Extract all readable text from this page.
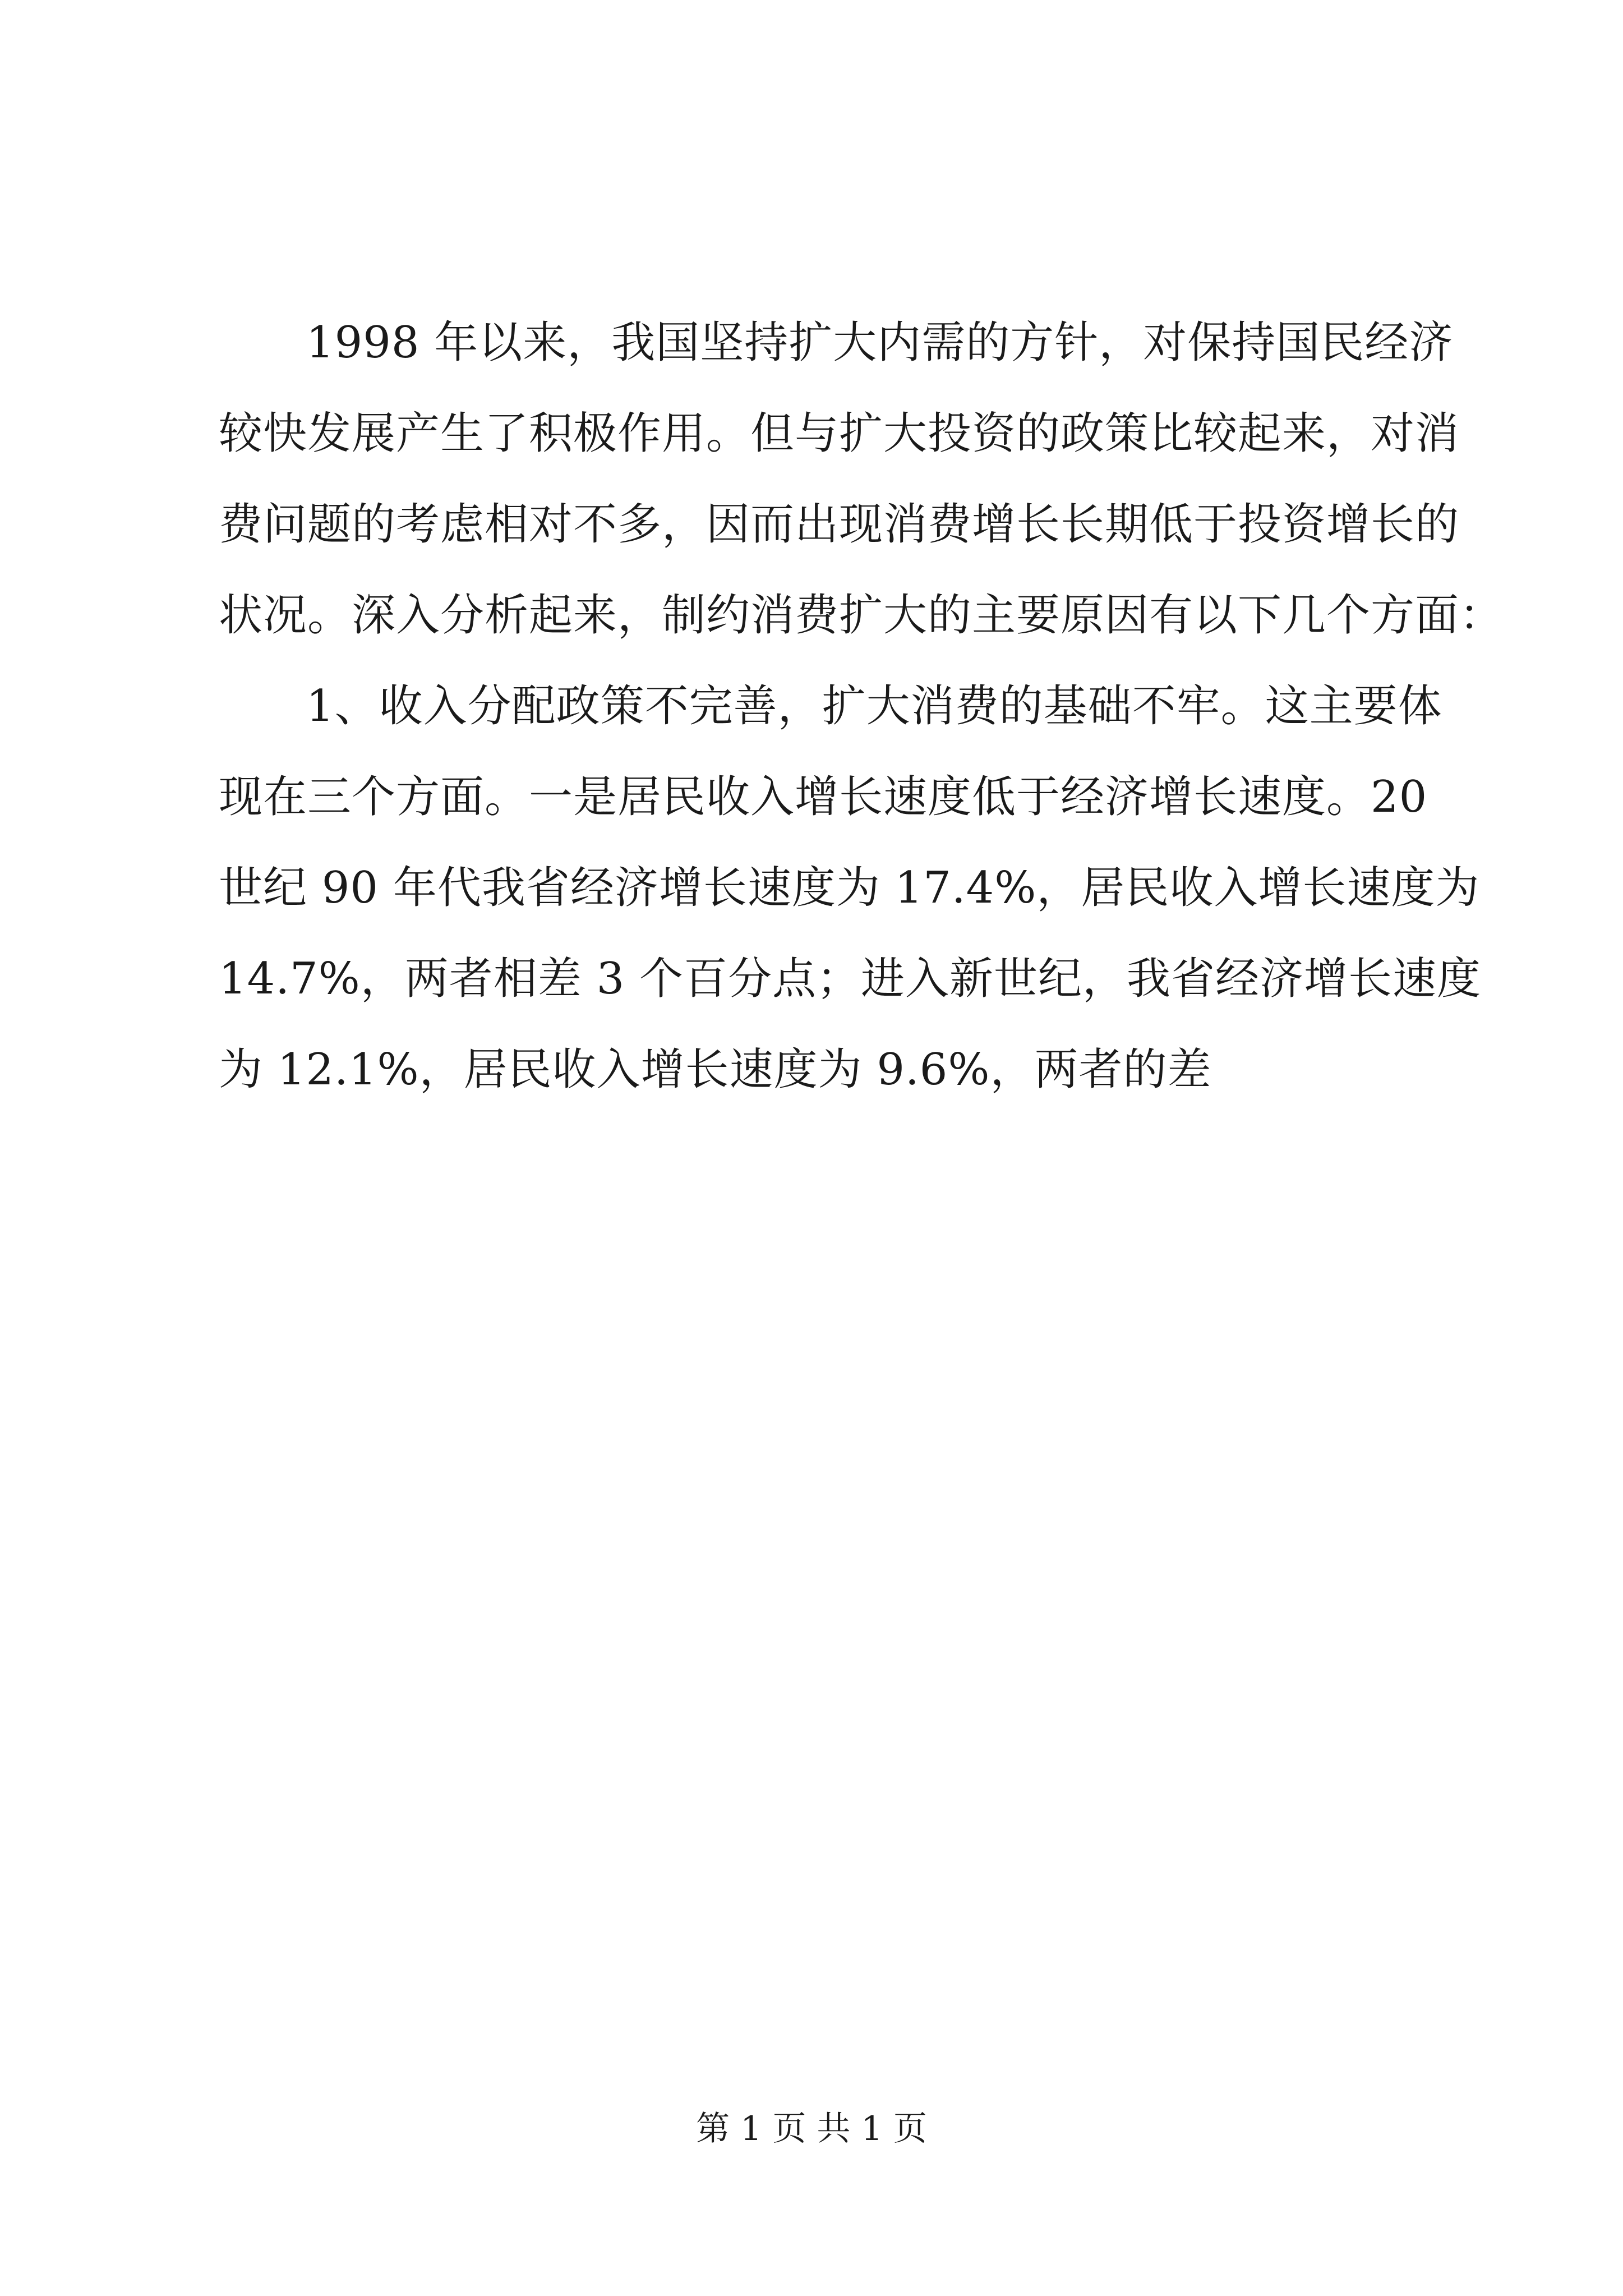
1998 年以来，我国坚持扩大内需的方针，对保持国民经济
较快发展产生了积极作用。但与扩大投资的政策比较起来，对消
费问题的考虑相对不多，因而出现消费增长长期低于投资增长的
状况。深入分析起来，制约消费扩大的主要原因有以下几个方面：
1、收入分配政策不完善，扩大消费的基础不牢。这主要体
现在三个方面。一是居民收入增长速度低于经济增长速度。20
世纪 90 年代我省经济增长速度为 17.4%，居民收入增长速度为
14.7%，两者相差 3 个百分点；进入新世纪，我省经济增长速度
为 12.1%，居民收入增长速度为 9.6%，两者的差
第 1 页 共 1 页
